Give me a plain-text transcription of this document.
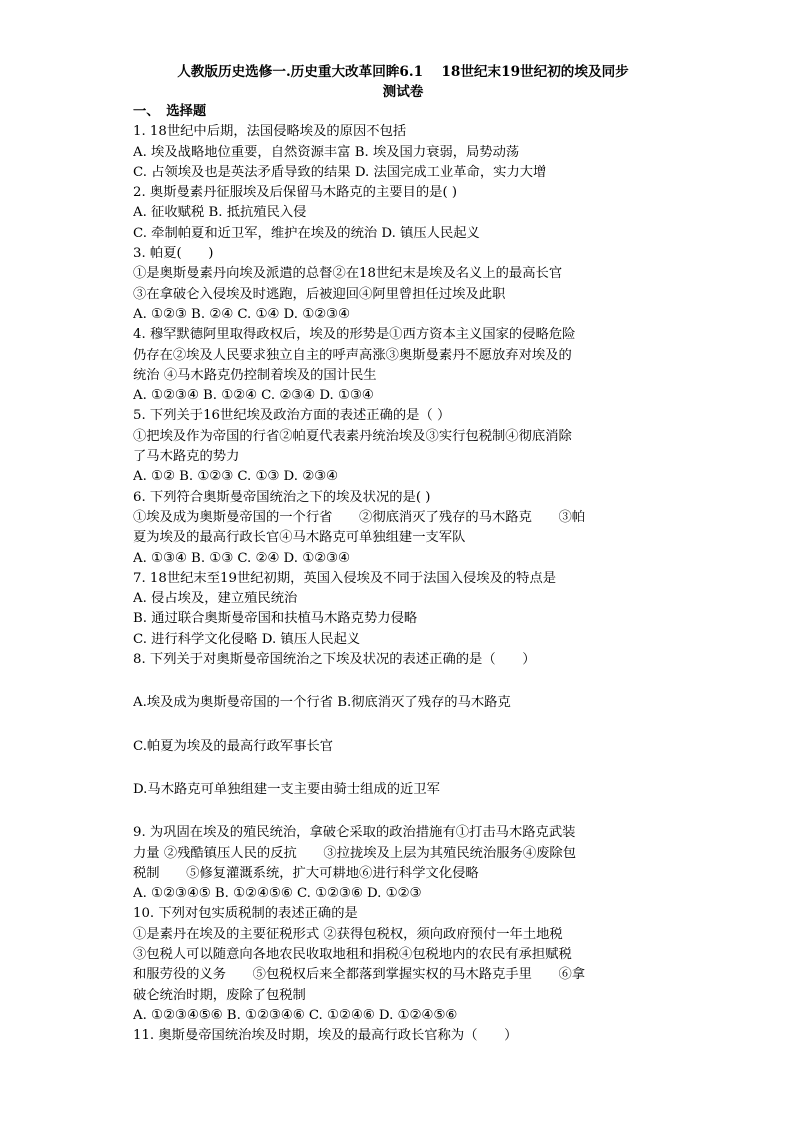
人教版历史选修一.历史重大改革回眸6.1　 18世纪末19世纪初的埃及同步
测试卷
一、　选择题
1. 18世纪中后期，法国侵略埃及的原因不包括
A. 埃及战略地位重要，自然资源丰富 B. 埃及国力衰弱，局势动荡
C. 占领埃及也是英法矛盾导致的结果 D. 法国完成工业革命，实力大增
2. 奥斯曼素丹征服埃及后保留马木路克的主要目的是( )
A. 征收赋税 B. 抵抗殖民入侵
C. 牵制帕夏和近卫军，维护在埃及的统治 D. 镇压人民起义
3. 帕夏(　　)
①是奥斯曼素丹向埃及派遣的总督②在18世纪末是埃及名义上的最高长官
③在拿破仑入侵埃及时逃跑，后被迎回④阿里曾担任过埃及此职
A. ①②③ B. ②④ C. ①④ D. ①②③④
4. 穆罕默德阿里取得政权后，埃及的形势是①西方资本主义国家的侵略危险
仍存在②埃及人民要求独立自主的呼声高涨③奥斯曼素丹不愿放弃对埃及的
统治 ④马木路克仍控制着埃及的国计民生
A. ①②③④ B. ①②④ C. ②③④ D. ①③④
5. 下列关于16世纪埃及政治方面的表述正确的是（ ）
①把埃及作为帝国的行省②帕夏代表素丹统治埃及③实行包税制④彻底消除
了马木路克的势力
A. ①② B. ①②③ C. ①③ D. ②③④
6. 下列符合奥斯曼帝国统治之下的埃及状况的是( )
①埃及成为奥斯曼帝国的一个行省　　②彻底消灭了残存的马木路克　　③帕
夏为埃及的最高行政长官④马木路克可单独组建一支军队
A. ①③④ B. ①③ C. ②④ D. ①②③④
7. 18世纪末至19世纪初期，英国入侵埃及不同于法国入侵埃及的特点是
A. 侵占埃及，建立殖民统治
B. 通过联合奥斯曼帝国和扶植马木路克势力侵略
C. 进行科学文化侵略 D. 镇压人民起义
8. 下列关于对奥斯曼帝国统治之下埃及状况的表述正确的是（　　）
A.埃及成为奥斯曼帝国的一个行省 B.彻底消灭了残存的马木路克
C.帕夏为埃及的最高行政军事长官
D.马木路克可单独组建一支主要由骑士组成的近卫军
9. 为巩固在埃及的殖民统治，拿破仑采取的政治措施有①打击马木路克武装
力量 ②残酷镇压人民的反抗　　③拉拢埃及上层为其殖民统治服务④废除包
税制　　⑤修复灌溉系统，扩大可耕地⑥进行科学文化侵略
A. ①②③④⑤ B. ①②④⑤⑥ C. ①②③⑥ D. ①②③
10. 下列对包实质税制的表述正确的是
①是素丹在埃及的主要征税形式 ②获得包税权，须向政府预付一年土地税
③包税人可以随意向各地农民收取地租和捐税④包税地内的农民有承担赋税
和服劳役的义务　　⑤包税权后来全都落到掌握实权的马木路克手里　　⑥拿
破仑统治时期，废除了包税制
A. ①②③④⑤⑥ B. ①②③④⑥ C. ①②④⑥ D. ①②④⑤⑥
11. 奥斯曼帝国统治埃及时期，埃及的最高行政长官称为（　　）
